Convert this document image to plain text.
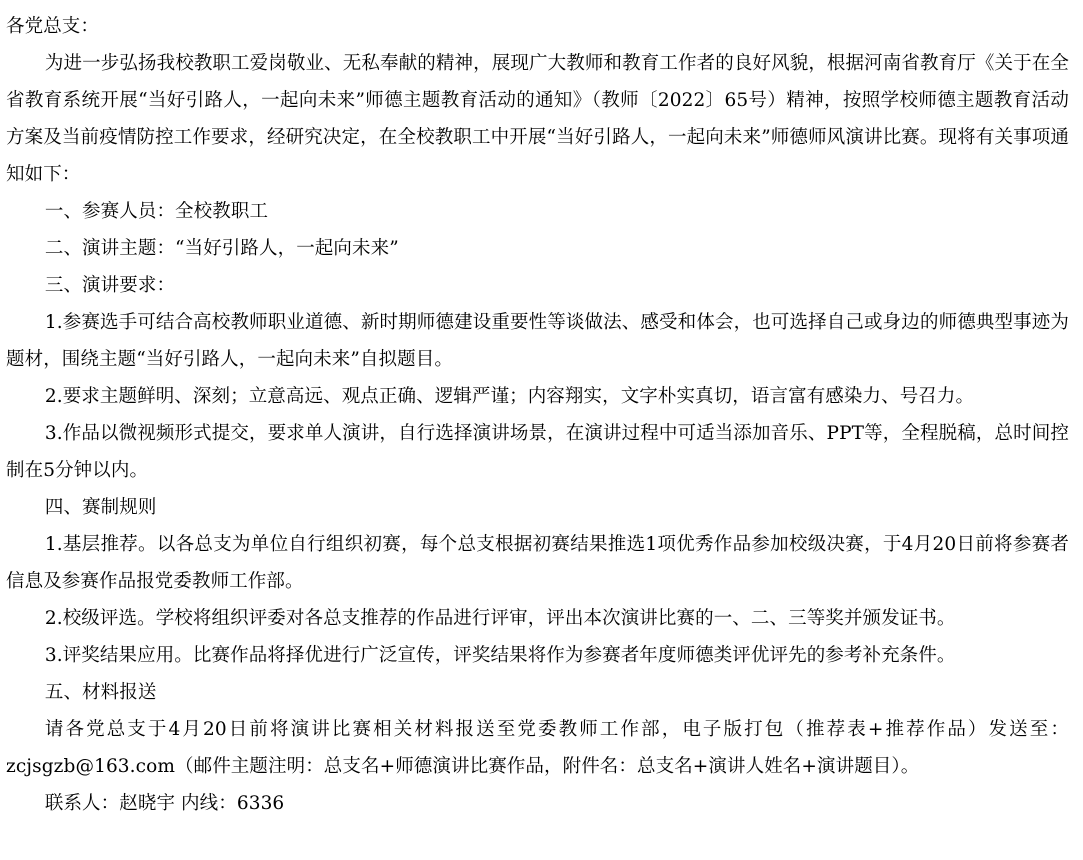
各党总支：

为进一步弘扬我校教职工爱岗敬业、无私奉献的精神，展现广大教师和教育工作者的良好风貌，根据河南省教育厅《关于在全省教育系统开展“当好引路人，一起向未来”师德主题教育活动的通知》（教师〔2022〕65号）精神，按照学校师德主题教育活动方案及当前疫情防控工作要求，经研究决定，在全校教职工中开展“当好引路人，一起向未来”师德师风演讲比赛。现将有关事项通知如下：

一、参赛人员：全校教职工

二、演讲主题：“当好引路人，一起向未来”

三、演讲要求：

1.参赛选手可结合高校教师职业道德、新时期师德建设重要性等谈做法、感受和体会，也可选择自己或身边的师德典型事迹为题材，围绕主题“当好引路人，一起向未来”自拟题目。

2.要求主题鲜明、深刻；立意高远、观点正确、逻辑严谨；内容翔实，文字朴实真切，语言富有感染力、号召力。

3.作品以微视频形式提交，要求单人演讲，自行选择演讲场景，在演讲过程中可适当添加音乐、PPT等，全程脱稿，总时间控制在5分钟以内。

四、赛制规则

1.基层推荐。以各总支为单位自行组织初赛，每个总支根据初赛结果推选1项优秀作品参加校级决赛，于4月20日前将参赛者信息及参赛作品报党委教师工作部。

2.校级评选。学校将组织评委对各总支推荐的作品进行评审，评出本次演讲比赛的一、二、三等奖并颁发证书。

3.评奖结果应用。比赛作品将择优进行广泛宣传，评奖结果将作为参赛者年度师德类评优评先的参考补充条件。

五、材料报送

请各党总支于4月20日前将演讲比赛相关材料报送至党委教师工作部，电子版打包（推荐表+推荐作品）发送至：zcjsgzb@163.com（邮件主题注明：总支名+师德演讲比赛作品，附件名：总支名+演讲人姓名+演讲题目）。

联系人：赵晓宇 内线：6336
